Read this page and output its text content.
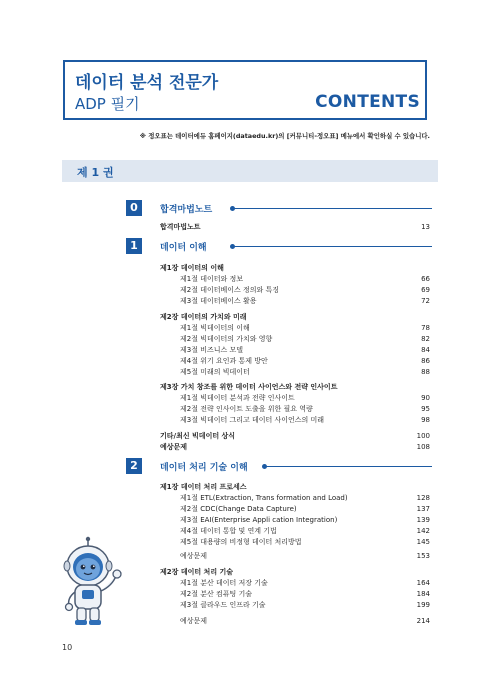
데이터 분석 전문가
ADP 필기	CONTENTS
※ 정오표는 데이터에듀 홈페이지(dataedu.kr)의 [커뮤니티-정오표] 메뉴에서 확인하실 수 있습니다.
제 1 권
0	합격마법노트
합격마법노트	13
1	데이터 이해
제1장 데이터의 이해
제1절 데이터와 정보	66
제2절 데이터베이스 정의와 특징	69
제3절 데이터베이스 활용	72
제2장 데이터의 가치와 미래
제1절 빅데이터의 이해	78
제2절 빅데이터의 가치와 영향	82
제3절 비즈니스 모델	84
제4절 위기 요인과 통제 방안	86
제5절 미래의 빅데이터	88
제3장 가치 창조를 위한 데이터 사이언스와 전략 인사이트
제1절 빅데이터 분석과 전략 인사이트	90
제2절 전략 인사이트 도출을 위한 필요 역량	95
제3절 빅데이터 그리고 데이터 사이언스의 미래	98
기타/최신 빅데이터 상식	100
예상문제	108
2	데이터 처리 기술 이해
제1장 데이터 처리 프로세스
제1절 ETL(Extraction, Trans formation and Load)	128
제2절 CDC(Change Data Capture)	137
제3절 EAI(Enterprise Appli cation Integration)	139
제4절 데이터 통합 및 연계 기법	142
제5절 대용량의 비정형 데이터 처리방법	145
예상문제	153
제2장 데이터 처리 기술
제1절 분산 데이터 저장 기술	164
제2절 분산 컴퓨팅 기술	184
제3절 클라우드 인프라 기술	199
예상문제	214
10
